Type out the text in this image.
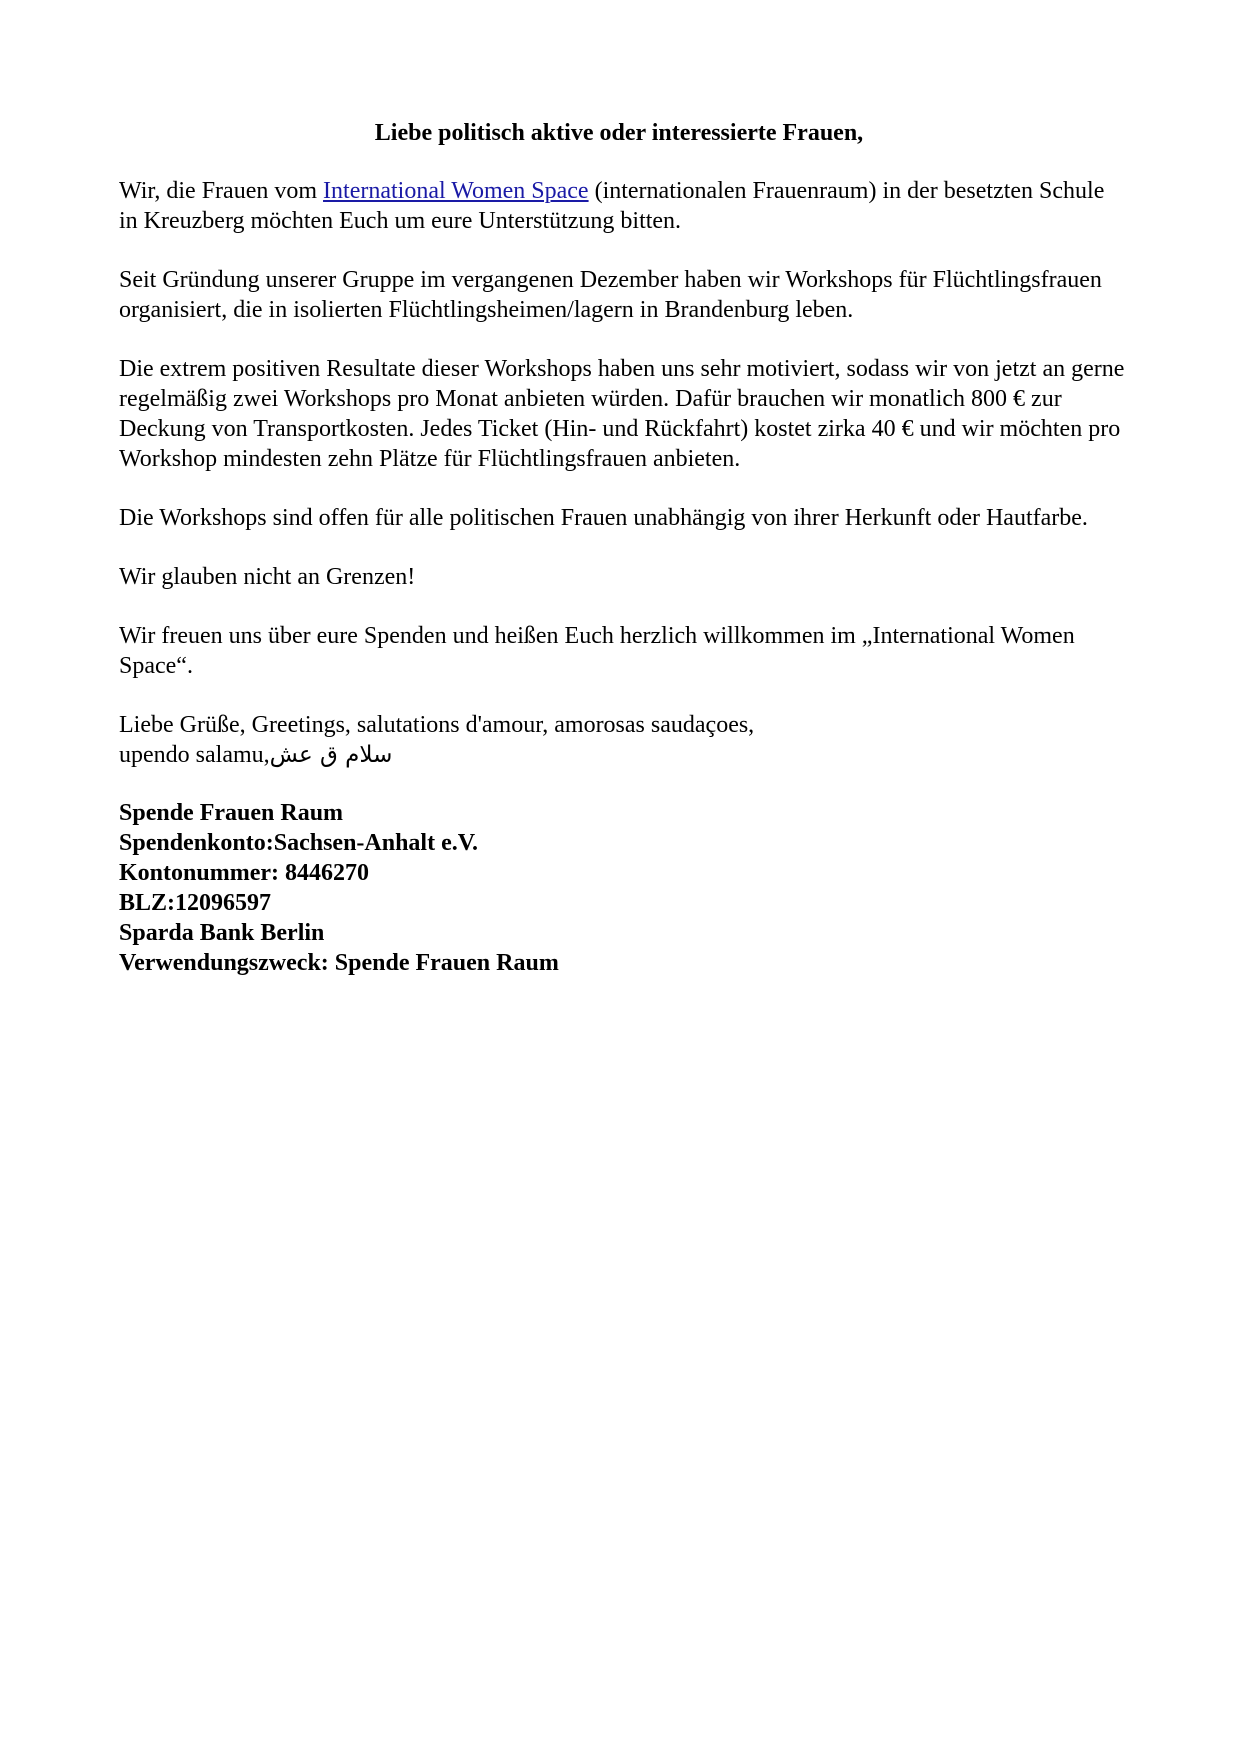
Liebe politisch aktive oder interessierte Frauen,

Wir, die Frauen vom International Women Space (internationalen Frauenraum) in der besetzten Schule in Kreuzberg möchten Euch um eure Unterstützung bitten.

Seit Gründung unserer Gruppe im vergangenen Dezember haben wir Workshops für Flüchtlingsfrauen organisiert, die in isolierten Flüchtlingsheimen/lagern in Brandenburg leben.

Die extrem positiven Resultate dieser Workshops haben uns sehr motiviert, sodass wir von jetzt an gerne regelmäßig zwei Workshops pro Monat anbieten würden. Dafür brauchen wir monatlich 800 € zur Deckung von Transportkosten. Jedes Ticket (Hin- und Rückfahrt) kostet zirka 40 € und wir möchten pro Workshop mindesten zehn Plätze für Flüchtlingsfrauen anbieten.

Die Workshops sind offen für alle politischen Frauen unabhängig von ihrer Herkunft oder Hautfarbe.

Wir glauben nicht an Grenzen!

Wir freuen uns über eure Spenden und heißen Euch herzlich willkommen im „International Women Space“.

Liebe Grüße, Greetings, salutations d'amour, amorosas saudaçoes,
upendo salamu,سلام ق عش

Spende Frauen Raum
Spendenkonto:Sachsen-Anhalt e.V.
Kontonummer: 8446270
BLZ:12096597
Sparda Bank Berlin
Verwendungszweck: Spende Frauen Raum
